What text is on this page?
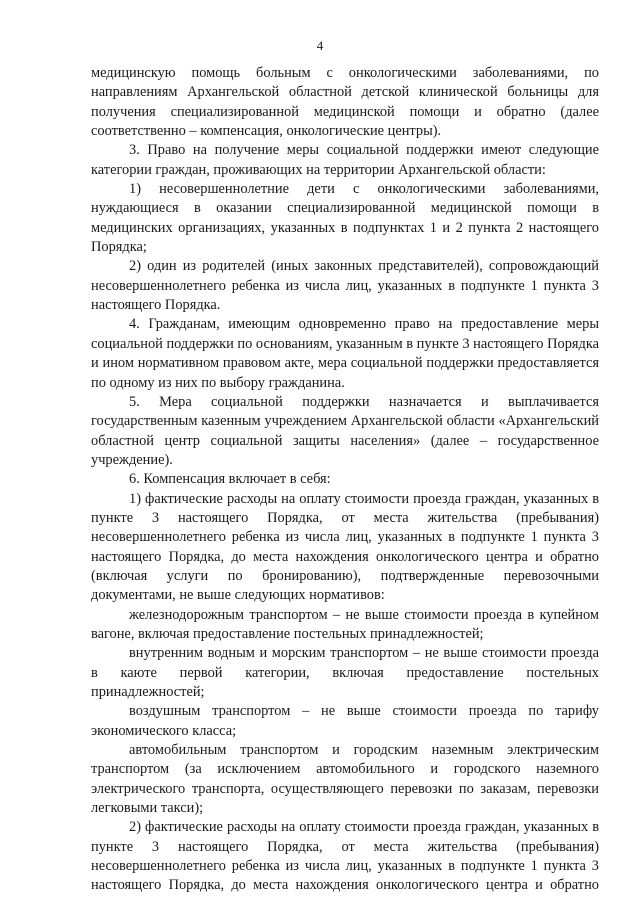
4

медицинскую помощь больным с онкологическими заболеваниями, по направлениям Архангельской областной детской клинической больницы для получения специализированной медицинской помощи и обратно (далее соответственно – компенсация, онкологические центры).

3. Право на получение меры социальной поддержки имеют следующие категории граждан, проживающих на территории Архангельской области:

1) несовершеннолетние дети с онкологическими заболеваниями, нуждающиеся в оказании специализированной медицинской помощи в медицинских организациях, указанных в подпунктах 1 и 2 пункта 2 настоящего Порядка;

2) один из родителей (иных законных представителей), сопровождающий несовершеннолетнего ребенка из числа лиц, указанных в подпункте 1 пункта 3 настоящего Порядка.

4. Гражданам, имеющим одновременно право на предоставление меры социальной поддержки по основаниям, указанным в пункте 3 настоящего Порядка и ином нормативном правовом акте, мера социальной поддержки предоставляется по одному из них по выбору гражданина.

5. Мера социальной поддержки назначается и выплачивается государственным казенным учреждением Архангельской области «Архангельский областной центр социальной защиты населения» (далее – государственное учреждение).

6. Компенсация включает в себя:

1) фактические расходы на оплату стоимости проезда граждан, указанных в пункте 3 настоящего Порядка, от места жительства (пребывания) несовершеннолетнего ребенка из числа лиц, указанных в подпункте 1 пункта 3 настоящего Порядка, до места нахождения онкологического центра и обратно (включая услуги по бронированию), подтвержденные перевозочными документами, не выше следующих нормативов:

железнодорожным транспортом – не выше стоимости проезда в купейном вагоне, включая предоставление постельных принадлежностей;

внутренним водным и морским транспортом – не выше стоимости проезда в каюте первой категории, включая предоставление постельных принадлежностей;

воздушным транспортом – не выше стоимости проезда по тарифу экономического класса;

автомобильным транспортом и городским наземным электрическим транспортом (за исключением автомобильного и городского наземного электрического транспорта, осуществляющего перевозки по заказам, перевозки легковыми такси);

2) фактические расходы на оплату стоимости проезда граждан, указанных в пункте 3 настоящего Порядка, от места жительства (пребывания) несовершеннолетнего ребенка из числа лиц, указанных в подпункте 1 пункта 3 настоящего Порядка, до места нахождения онкологического центра и обратно
